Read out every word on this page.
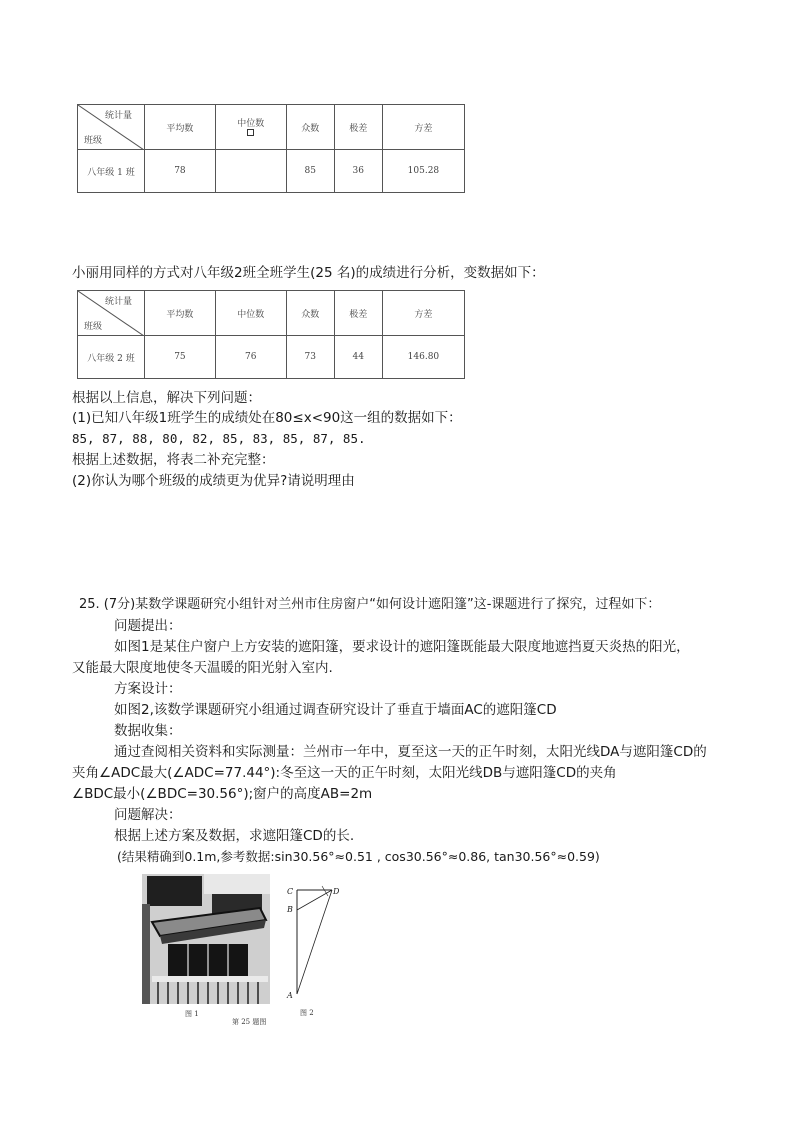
统计量
班级	平均数	中位数	众数	极差	方差
八年级 1 班	78		85	36	105.28
小丽用同样的方式对八年级2班全班学生(25 名)的成绩进行分析，变数据如下：
统计量
班级	平均数	中位数	众数	极差	方差
八年级 2 班	75	76	73	44	146.80
根据以上信息，解决下列问题：
(1)已知八年级1班学生的成绩处在80≤x<90这一组的数据如下：
85, 87, 88, 80, 82, 85, 83, 85, 87, 85.
根据上述数据，将表二补充完整：
(2)你认为哪个班级的成绩更为优异?请说明理由
25. (7分)某数学课题研究小组针对兰州市住房窗户“如何设计遮阳篷”这-课题进行了探究，过程如下：
问题提出：
如图1是某住户窗户上方安装的遮阳篷，要求设计的遮阳篷既能最大限度地遮挡夏天炎热的阳光，
又能最大限度地使冬天温暖的阳光射入室内.
方案设计：
如图2,该数学课题研究小组通过调查研究设计了垂直于墙面AC的遮阳篷CD
数据收集：
通过查阅相关资料和实际测量：兰州市一年中，夏至这一天的正午时刻，太阳光线DA与遮阳篷CD的
夹角∠ADC最大(∠ADC=77.44°):冬至这一天的正午时刻，太阳光线DB与遮阳篷CD的夹角
∠BDC最小(∠BDC=30.56°);窗户的高度AB=2m
问题解决：
根据上述方案及数据，求遮阳篷CD的长.
(结果精确到0.1m,参考数据:sin30.56°≈0.51 , cos30.56°≈0.86, tan30.56°≈0.59)
图 1
第 25 题图
C
B
D
A
图 2
